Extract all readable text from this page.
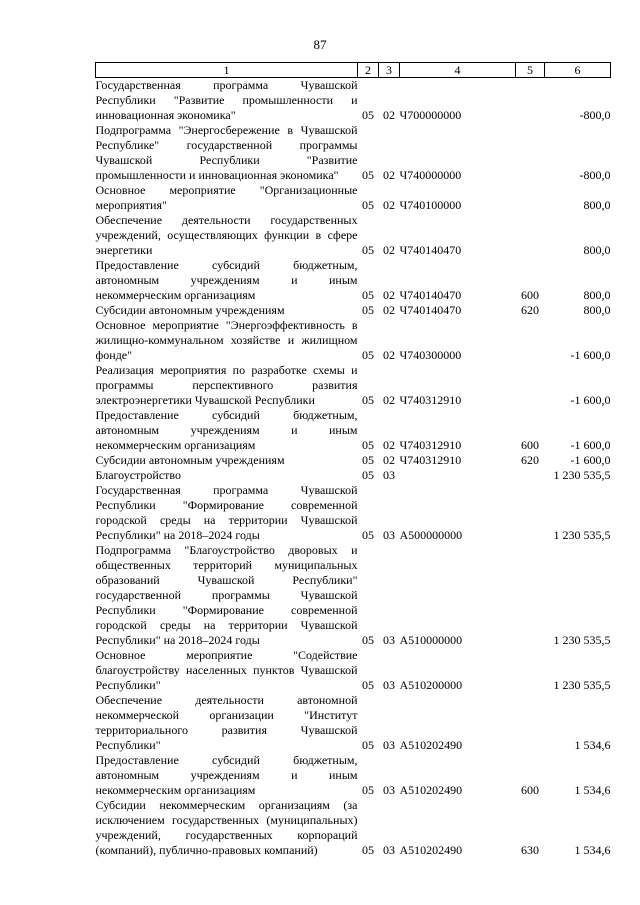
87
1	2	3	4	5	6
Государственная программа Чувашской Республики "Развитие промышленности и инновационная экономика"	05	02	Ч700000000		-800,0
Подпрограмма "Энергосбережение в Чувашской Республике" государственной программы Чувашской Республики "Развитие промышленности и инновационная экономика"	05	02	Ч740000000		-800,0
Основное мероприятие "Организационные мероприятия"	05	02	Ч740100000		800,0
Обеспечение деятельности государственных учреждений, осуществляющих функции в сфере энергетики	05	02	Ч740140470		800,0
Предоставление субсидий бюджетным, автономным учреждениям и иным некоммерческим организациям	05	02	Ч740140470	600	800,0
Субсидии автономным учреждениям	05	02	Ч740140470	620	800,0
Основное мероприятие "Энергоэффективность в жилищно-коммунальном хозяйстве и жилищном фонде"	05	02	Ч740300000		-1 600,0
Реализация мероприятия по разработке схемы и программы перспективного развития электроэнергетики Чувашской Республики	05	02	Ч740312910		-1 600,0
Предоставление субсидий бюджетным, автономным учреждениям и иным некоммерческим организациям	05	02	Ч740312910	600	-1 600,0
Субсидии автономным учреждениям	05	02	Ч740312910	620	-1 600,0
Благоустройство	05	03			1 230 535,5
Государственная программа Чувашской Республики "Формирование современной городской среды на территории Чувашской Республики" на 2018–2024 годы	05	03	А500000000		1 230 535,5
Подпрограмма "Благоустройство дворовых и общественных территорий муниципальных образований Чувашской Республики" государственной программы Чувашской Республики "Формирование современной городской среды на территории Чувашской Республики" на 2018–2024 годы	05	03	А510000000		1 230 535,5
Основное мероприятие "Содействие благоустройству населенных пунктов Чувашской Республики"	05	03	А510200000		1 230 535,5
Обеспечение деятельности автономной некоммерческой организации "Институт территориального развития Чувашской Республики"	05	03	А510202490		1 534,6
Предоставление субсидий бюджетным, автономным учреждениям и иным некоммерческим организациям	05	03	А510202490	600	1 534,6
Субсидии некоммерческим организациям (за исключением государственных (муниципальных) учреждений, государственных корпораций (компаний), публично-правовых компаний)	05	03	А510202490	630	1 534,6
